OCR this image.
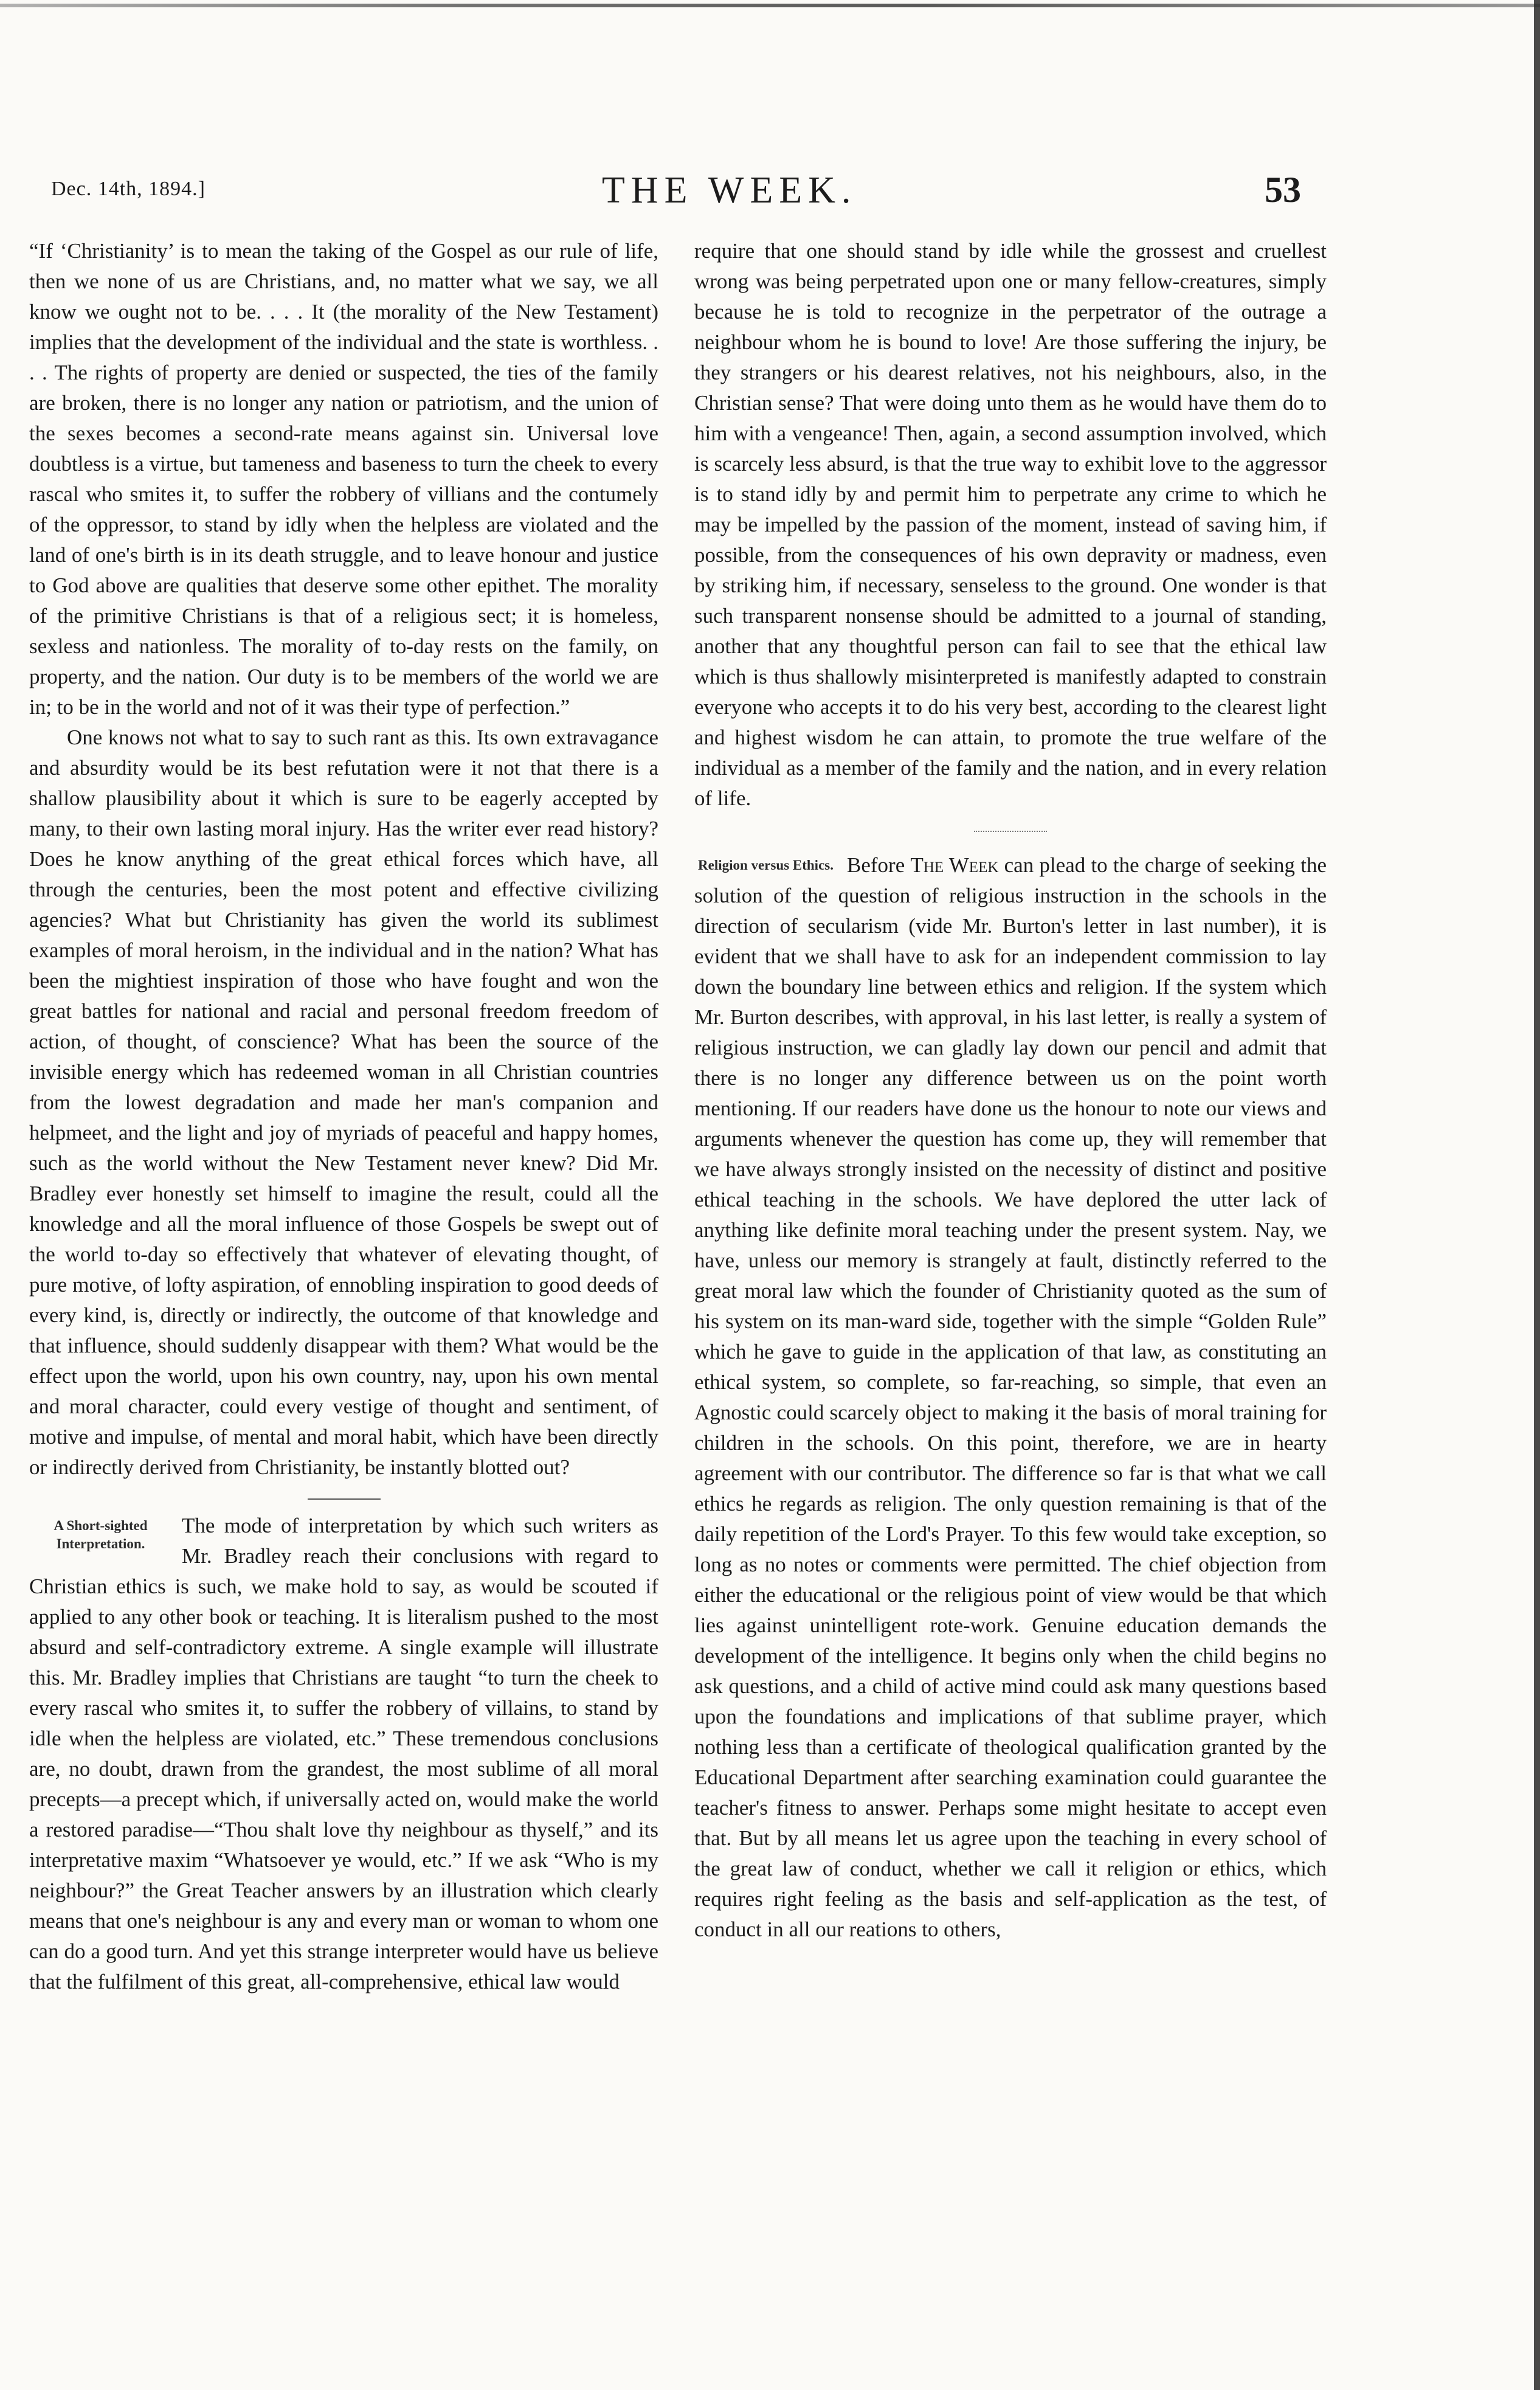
Dec. 14th, 1894.]	THE WEEK.	53

“If ‘Christianity’ is to mean the taking of the Gospel as our rule of life, then we none of us are Christians, and, no matter what we say, we all know we ought not to be. . . . It (the morality of the New Testament) implies that the development of the individual and the state is worthless. . . . The rights of property are denied or suspected, the ties of the family are broken, there is no longer any nation or patriotism, and the union of the sexes becomes a second-rate means against sin. Universal love doubtless is a virtue, but tameness and baseness to turn the cheek to every rascal who smites it, to suffer the robbery of villians and the contumely of the oppressor, to stand by idly when the helpless are violated and the land of one's birth is in its death struggle, and to leave honour and justice to God above are qualities that deserve some other epithet. The morality of the primitive Christians is that of a religious sect; it is homeless, sexless and nationless. The morality of to-day rests on the family, on property, and the nation. Our duty is to be members of the world we are in; to be in the world and not of it was their type of perfection.”

One knows not what to say to such rant as this. Its own extravagance and absurdity would be its best refutation were it not that there is a shallow plausibility about it which is sure to be eagerly accepted by many, to their own lasting moral injury. Has the writer ever read history? Does he know anything of the great ethical forces which have, all through the centuries, been the most potent and effective civilizing agencies? What but Christianity has given the world its sublimest examples of moral heroism, in the individual and in the nation? What has been the mightiest inspiration of those who have fought and won the great battles for national and racial and personal freedom freedom of action, of thought, of conscience? What has been the source of the invisible energy which has redeemed woman in all Christian countries from the lowest degradation and made her man's companion and helpmeet, and the light and joy of myriads of peaceful and happy homes, such as the world without the New Testament never knew? Did Mr. Bradley ever honestly set himself to imagine the result, could all the knowledge and all the moral influence of those Gospels be swept out of the world to-day so effectively that whatever of elevating thought, of pure motive, of lofty aspiration, of ennobling inspiration to good deeds of every kind, is, directly or indirectly, the outcome of that knowledge and that influence, should suddenly disappear with them? What would be the effect upon the world, upon his own country, nay, upon his own mental and moral character, could every vestige of thought and sentiment, of motive and impulse, of mental and moral habit, which have been directly or indirectly derived from Christianity, be instantly blotted out?

A Short-sighted Interpretation.

The mode of interpretation by which such writers as Mr. Bradley reach their conclusions with regard to Christian ethics is such, we make hold to say, as would be scouted if applied to any other book or teaching. It is literalism pushed to the most absurd and self-contradictory extreme. A single example will illustrate this. Mr. Bradley implies that Christians are taught “to turn the cheek to every rascal who smites it, to suffer the robbery of villains, to stand by idle when the helpless are violated, etc.” These tremendous conclusions are, no doubt, drawn from the grandest, the most sublime of all moral precepts—a precept which, if universally acted on, would make the world a restored paradise—“Thou shalt love thy neighbour as thyself,” and its interpretative maxim “Whatsoever ye would, etc.” If we ask “Who is my neighbour?” the Great Teacher answers by an illustration which clearly means that one's neighbour is any and every man or woman to whom one can do a good turn. And yet this strange interpreter would have us believe that the fulfilment of this great, all-comprehensive, ethical law would

require that one should stand by idle while the grossest and cruellest wrong was being perpetrated upon one or many fellow-creatures, simply because he is told to recognize in the perpetrator of the outrage a neighbour whom he is bound to love! Are those suffering the injury, be they strangers or his dearest relatives, not his neighbours, also, in the Christian sense? That were doing unto them as he would have them do to him with a vengeance! Then, again, a second assumption involved, which is scarcely less absurd, is that the true way to exhibit love to the aggressor is to stand idly by and permit him to perpetrate any crime to which he may be impelled by the passion of the moment, instead of saving him, if possible, from the consequences of his own depravity or madness, even by striking him, if necessary, senseless to the ground. One wonder is that such transparent nonsense should be admitted to a journal of standing, another that any thoughtful person can fail to see that the ethical law which is thus shallowly misinterpreted is manifestly adapted to constrain everyone who accepts it to do his very best, according to the clearest light and highest wisdom he can attain, to promote the true welfare of the individual as a member of the family and the nation, and in every relation of life.

Religion versus Ethics. Before The Week can plead to the charge of seeking the solution of the question of religious instruction in the schools in the direction of secularism (vide Mr. Burton's letter in last number), it is evident that we shall have to ask for an independent commission to lay down the boundary line between ethics and religion. If the system which Mr. Burton describes, with approval, in his last letter, is really a system of religious instruction, we can gladly lay down our pencil and admit that there is no longer any difference between us on the point worth mentioning. If our readers have done us the honour to note our views and arguments whenever the question has come up, they will remember that we have always strongly insisted on the necessity of distinct and positive ethical teaching in the schools. We have deplored the utter lack of anything like definite moral teaching under the present system. Nay, we have, unless our memory is strangely at fault, distinctly referred to the great moral law which the founder of Christianity quoted as the sum of his system on its man-ward side, together with the simple “Golden Rule” which he gave to guide in the application of that law, as constituting an ethical system, so complete, so far-reaching, so simple, that even an Agnostic could scarcely object to making it the basis of moral training for children in the schools. On this point, therefore, we are in hearty agreement with our contributor. The difference so far is that what we call ethics he regards as religion. The only question remaining is that of the daily repetition of the Lord's Prayer. To this few would take exception, so long as no notes or comments were permitted. The chief objection from either the educational or the religious point of view would be that which lies against unintelligent rote-work. Genuine education demands the development of the intelligence. It begins only when the child begins no ask questions, and a child of active mind could ask many questions based upon the foundations and implications of that sublime prayer, which nothing less than a certificate of theological qualification granted by the Educational Department after searching examination could guarantee the teacher's fitness to answer. Perhaps some might hesitate to accept even that. But by all means let us agree upon the teaching in every school of the great law of conduct, whether we call it religion or ethics, which requires right feeling as the basis and self-application as the test, of conduct in all our reations to others,
